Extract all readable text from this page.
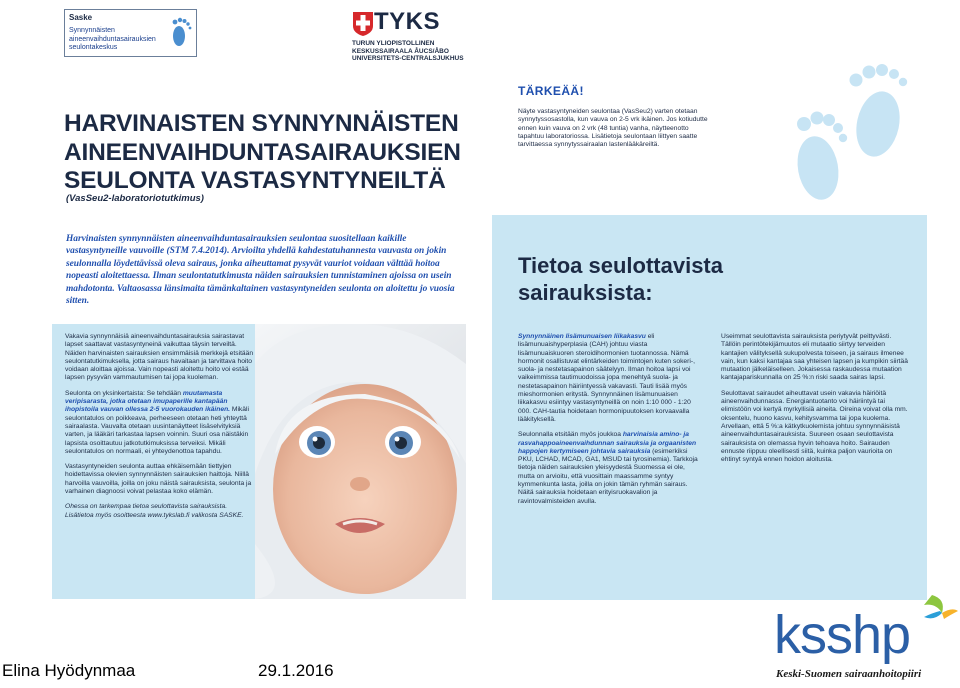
Saske
Synnynnäisten aineenvaihduntasairauksien seulontakeskus
TYKS
TURUN YLIOPISTOLLINEN KESKUSSAIRAALA ÅUCS/ÅBO UNIVERSITETS-CENTRALSJUKHUS
HARVINAISTEN SYNNYNNÄISTEN
AINEENVAIHDUNTASAIRAUKSIEN
SEULONTA VASTASYNTYNEILTÄ
(VasSeu2-laboratoriotutkimus)
Harvinaisten synnynnäisten aineenvaihduntasairauksien seulontaa suositellaan kaikille vastasyntyneille vauvoille (STM 7.4.2014). Arvioilta yhdellä kahdestatuhannesta vauvasta on jokin seulonnalla löydettävissä oleva sairaus, jonka aiheuttamat pysyvät vauriot voidaan välttää hoitoa nopeasti aloitettaessa. Ilman seulontatutkimusta näiden sairauksien tunnistaminen ajoissa on usein mahdotonta. Valtaosassa länsimaita tämänkaltainen vastasyntyneiden seulonta on aloitettu jo vuosia sitten.

Vakavia synnynnäisiä aineenvaihduntasairauksia sairastavat lapset saattavat vastasyntyneinä vaikuttaa täysin terveiltä. Näiden harvinaisten sairauksien ensimmäisiä merkkejä etsitään seulontatutkimuksella, jotta sairaus havaitaan ja tarvittava hoito voidaan aloittaa ajoissa. Vain nopeasti aloitettu hoito voi estää lapsen pysyvän vammautumisen tai jopa kuoleman.

Seulonta on yksinkertaista: Se tehdään muutamasta veripisarasta, jotka otetaan imupaperille kantapään ihopistoila vauvan ollessa 2-5 vuorokauden ikäinen. Mikäli seulontatulos on poikkeava, perheeseen otetaan heti yhteyttä sairaalasta. Vauvalta otetaan uusintanäytteet lisäselvityksiä varten, ja lääkäri tarkastaa lapsen voinnin. Suuri osa näistäkin lapsista osoittautuu jatkotutkimuksissa terveiksi. Mikäli seulontatulos on normaali, ei yhteydenottoa tapahdu.

Vastasyntyneiden seulonta auttaa ehkäisemään tiettyjen hoidettavissa olevien synnynnäisten sairauksien haittoja. Niillä harvoilla vauvoilla, joilla on joku näistä sairauksista, seulonta ja varhainen diagnoosi voivat pelastaa koko elämän.

Ohessa on tarkempaa tietoa seulottavista sairauksista. Lisätietoa myös osoitteesta www.tykslab.fi valikosta SASKE.

TÄRKEÄÄ!
Näyte vastasyntyneiden seulontaa (VasSeu2) varten otetaan synnytyssosastolla, kun vauva on 2-5 vrk ikäinen. Jos kotiudutte ennen kuin vauva on 2 vrk (48 tuntia) vanha, näytteenotto tapahtuu laboratoriossa. Lisätietoja seulontaan liittyen saatte tarvittaessa synnytyssairaalan lastenlääkäreiltä.
Tietoa seulottavista sairauksista:

Synnynnäinen lisämunuaisen liikakasvu eli lisämunuaishyperplasia (CAH) johtuu viasta lisämunuaiskuoren steroidihormonien tuotannossa. Nämä hormonit osallistuvat elintärkeiden toimintojen kuten sokeri-, suola- ja nestetasapainon säätelyyn. Ilman hoitoa lapsi voi vaikeimmissa tautimuodoissa jopa menehtyä suola- ja nestetasapainon häiriintyessä vakavasti. Tauti lisää myös mieshormonien eritystä. Synnynnäinen lisämunuaisen liikakasvu esiintyy vastasyntyneillä on noin 1:10 000 - 1:20 000. CAH-tautia hoidetaan hormonipuutoksen korvaavalla lääkityksellä.

Seulonnalla etsitään myös joukkoa harvinaisia amino- ja rasvahappoaineenvaihdunnan sairauksia ja orgaanisten happojen kertymiseen johtavia sairauksia (esimerkiksi PKU, LCHAD, MCAD, GA1, MSUD tai tyrosinemia). Tarkkoja tietoja näiden sairauksien yleisyydestä Suomessa ei ole, mutta on arvioitu, että vuosittain maassamme syntyy kymmenkunta lasta, joilla on jokin tämän ryhmän sairaus. Näitä sairauksia hoidetaan erityisruokavalion ja ravintovalmisteiden avulla.

Useimmat seulottavista sairauksista periytyvät peittyvästi. Tällöin perintötekijämuutos eli mutaatio siirtyy terveiden kantajien välityksellä sukupolvesta toiseen, ja sairaus ilmenee vain, kun kaksi kantajaa saa yhteisen lapsen ja kumpikin siirtää mutaation jälkeläiselleen. Jokaisessa raskaudessa mutaation kantajapariskunnalla on 25 %:n riski saada sairas lapsi.

Seulottavat sairaudet aiheuttavat usein vakavia häiriöitä aineenvaihdunnassa. Energiantuotanto voi häiriintyä tai elimistöön voi kertyä myrkyllisiä aineita. Oireina voivat olla mm. oksentelu, huono kasvu, kehitysvamma tai jopa kuolema. Arvellaan, että 5 %:a kätkytkuolemista johtuu synnynnäisistä aineenvaihduntasairauksista. Suureen osaan seulottavista sairauksista on olemassa hyvin tehoava hoito. Sairauden ennuste riippuu oleellisesti siitä, kuinka paljon vaurioita on ehtinyt syntyä ennen hoidon aloitusta.

Elina Hyödynmaa	29.1.2016
ksshp
Keski-Suomen sairaanhoitopiiri
